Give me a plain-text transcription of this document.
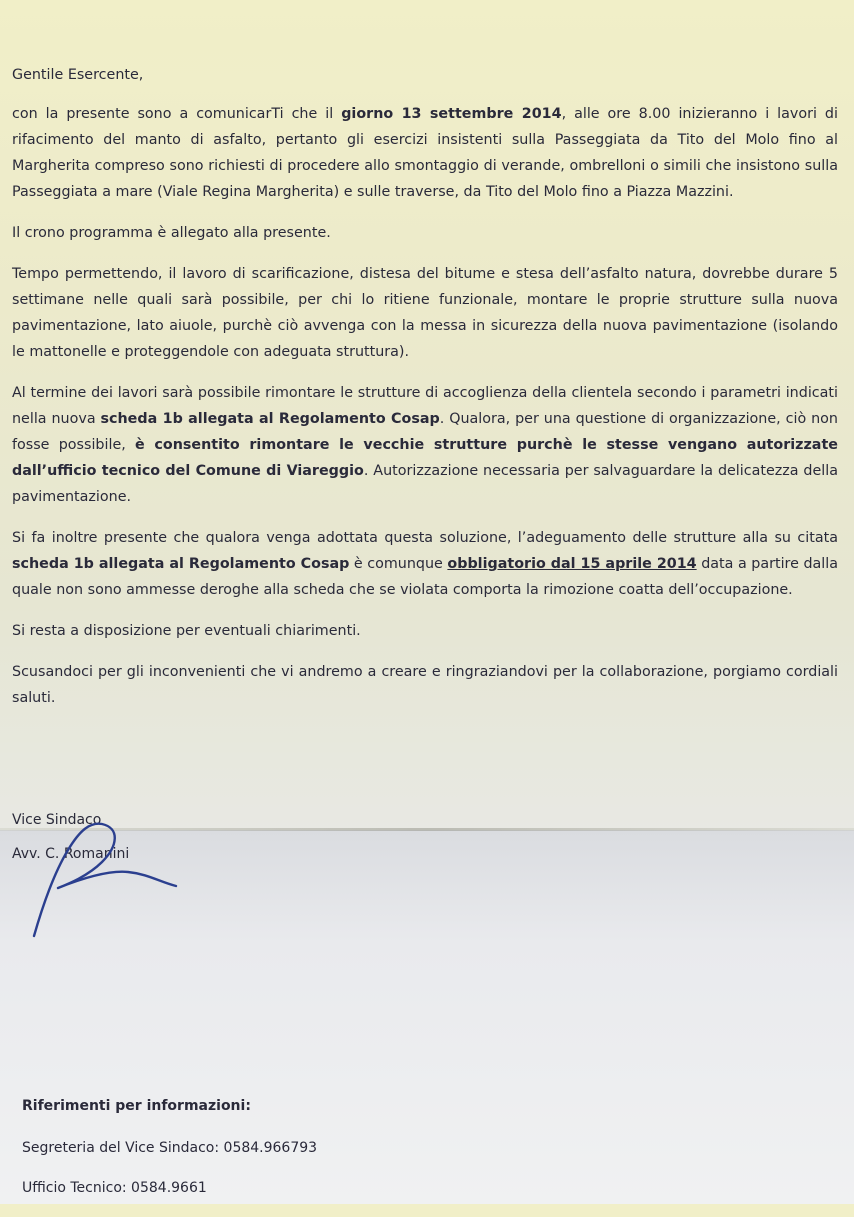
Gentile Esercente,

con la presente sono a comunicarTi che il giorno 13 settembre 2014, alle ore 8.00 inizieranno i lavori di rifacimento del manto di asfalto, pertanto gli esercizi insistenti sulla Passeggiata da Tito del Molo fino al Margherita compreso sono richiesti di procedere allo smontaggio di verande, ombrelloni o simili che insistono sulla Passeggiata a mare (Viale Regina Margherita) e sulle traverse, da Tito del Molo fino a Piazza Mazzini.

Il crono programma è allegato alla presente.

Tempo permettendo, il lavoro di scarificazione, distesa del bitume e stesa dell’asfalto natura, dovrebbe durare 5 settimane nelle quali sarà possibile, per chi lo ritiene funzionale, montare le proprie strutture sulla nuova pavimentazione, lato aiuole, purchè ciò avvenga con la messa in sicurezza della nuova pavimentazione (isolando le mattonelle e proteggendole con adeguata struttura).

Al termine dei lavori sarà possibile rimontare le strutture di accoglienza della clientela secondo i parametri indicati nella nuova scheda 1b allegata al Regolamento Cosap. Qualora, per una questione di organizzazione, ciò non fosse possibile, è consentito rimontare le vecchie strutture purchè le stesse vengano autorizzate dall’ufficio tecnico del Comune di Viareggio. Autorizzazione necessaria per salvaguardare la delicatezza della pavimentazione.

Si fa inoltre presente che qualora venga adottata questa soluzione, l’adeguamento delle strutture alla su citata scheda 1b allegata al Regolamento Cosap è comunque obbligatorio dal 15 aprile 2014 data a partire dalla quale non sono ammesse deroghe alla scheda che se violata comporta la rimozione coatta dell’occupazione.

Si resta a disposizione per eventuali chiarimenti.

Scusandoci per gli inconvenienti che vi andremo a creare e ringraziandovi per la collaborazione, porgiamo cordiali saluti.

Vice Sindaco
Avv. C. Romanini
Riferimenti per informazioni:
Segreteria del Vice Sindaco: 0584.966793
Ufficio Tecnico: 0584.9661
